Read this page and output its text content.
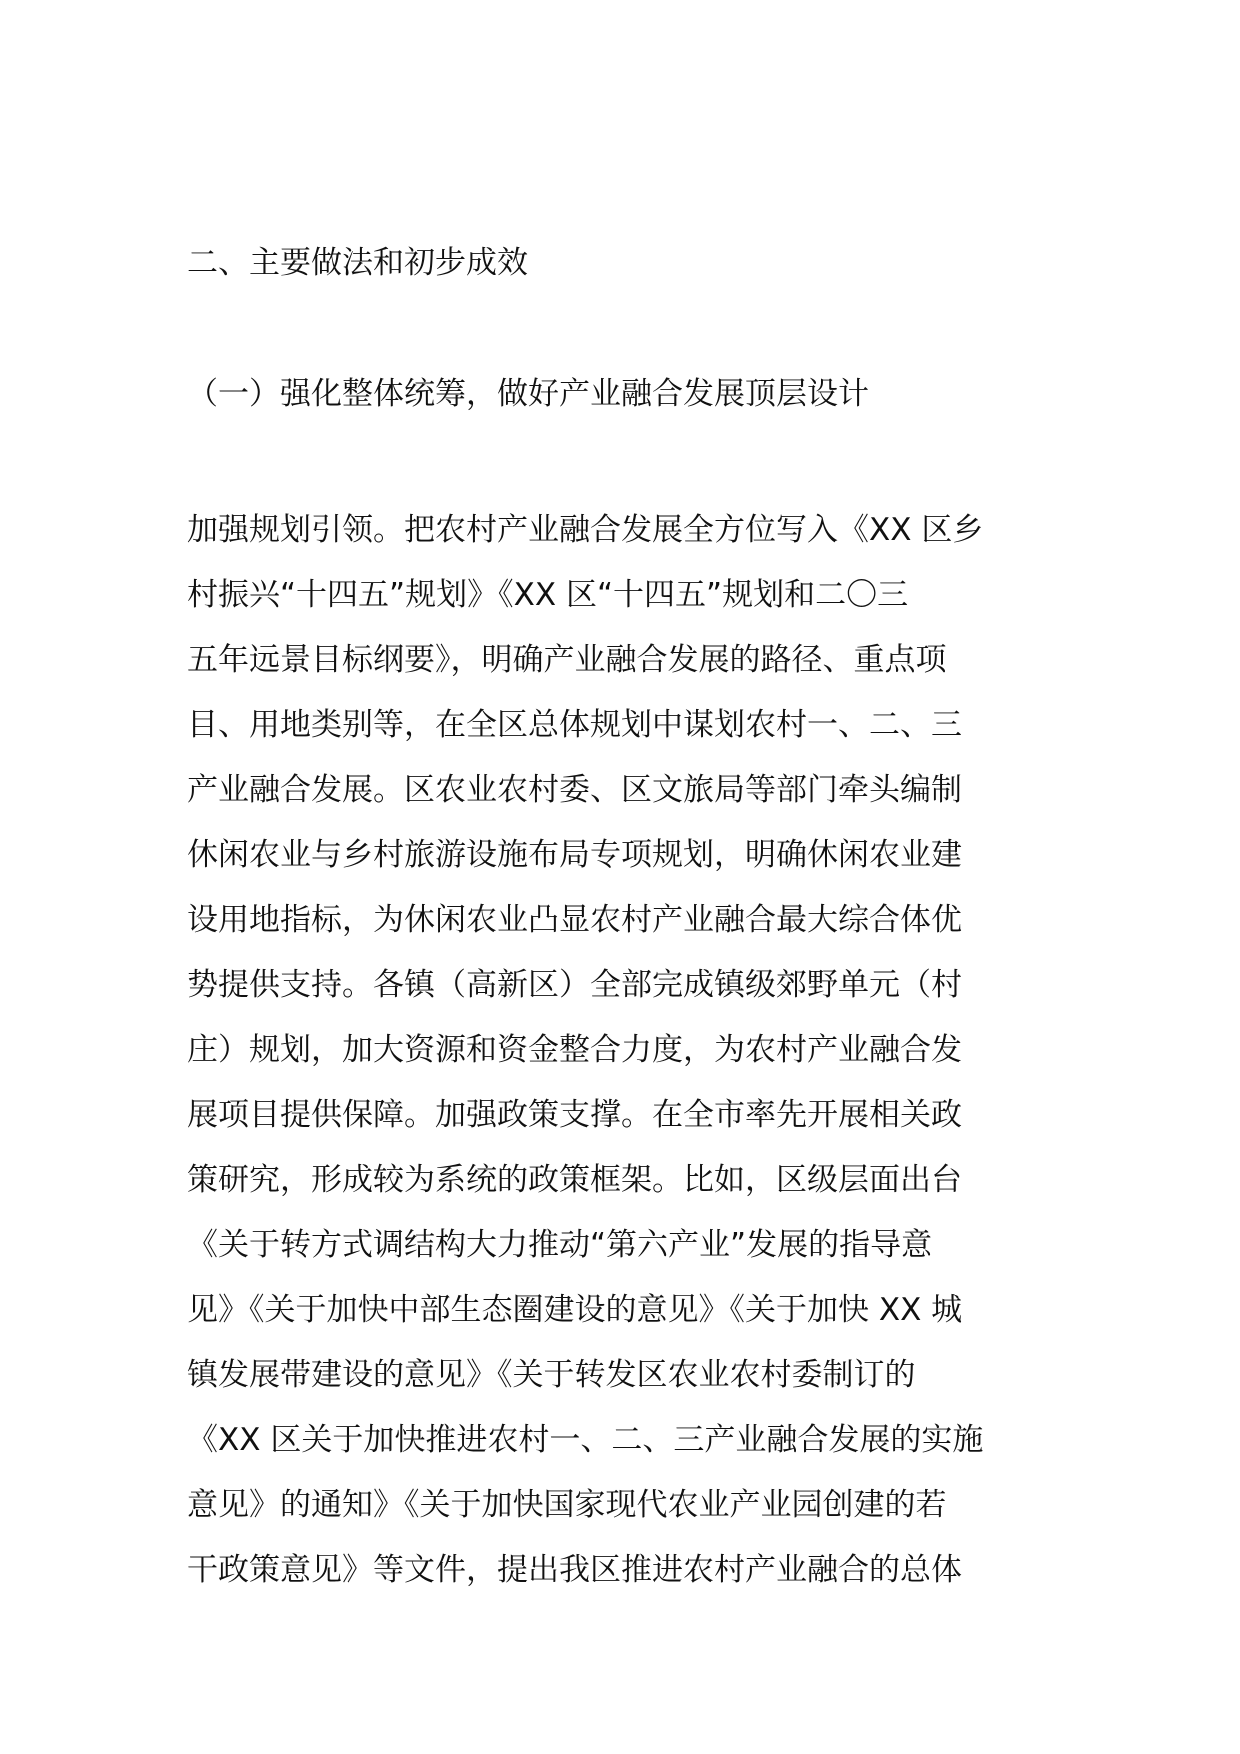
二、主要做法和初步成效
（一）强化整体统筹，做好产业融合发展顶层设计
加强规划引领。把农村产业融合发展全方位写入《XX 区乡
村振兴“十四五”规划》《XX 区“十四五”规划和二〇三
五年远景目标纲要》，明确产业融合发展的路径、重点项
目、用地类别等，在全区总体规划中谋划农村一、二、三
产业融合发展。区农业农村委、区文旅局等部门牵头编制
休闲农业与乡村旅游设施布局专项规划，明确休闲农业建
设用地指标，为休闲农业凸显农村产业融合最大综合体优
势提供支持。各镇（高新区）全部完成镇级郊野单元（村
庄）规划，加大资源和资金整合力度，为农村产业融合发
展项目提供保障。加强政策支撑。在全市率先开展相关政
策研究，形成较为系统的政策框架。比如，区级层面出台
《关于转方式调结构大力推动“第六产业”发展的指导意
见》《关于加快中部生态圈建设的意见》《关于加快 XX 城
镇发展带建设的意见》《关于转发区农业农村委制订的
《XX 区关于加快推进农村一、二、三产业融合发展的实施
意见》的通知》《关于加快国家现代农业产业园创建的若
干政策意见》等文件，提出我区推进农村产业融合的总体
